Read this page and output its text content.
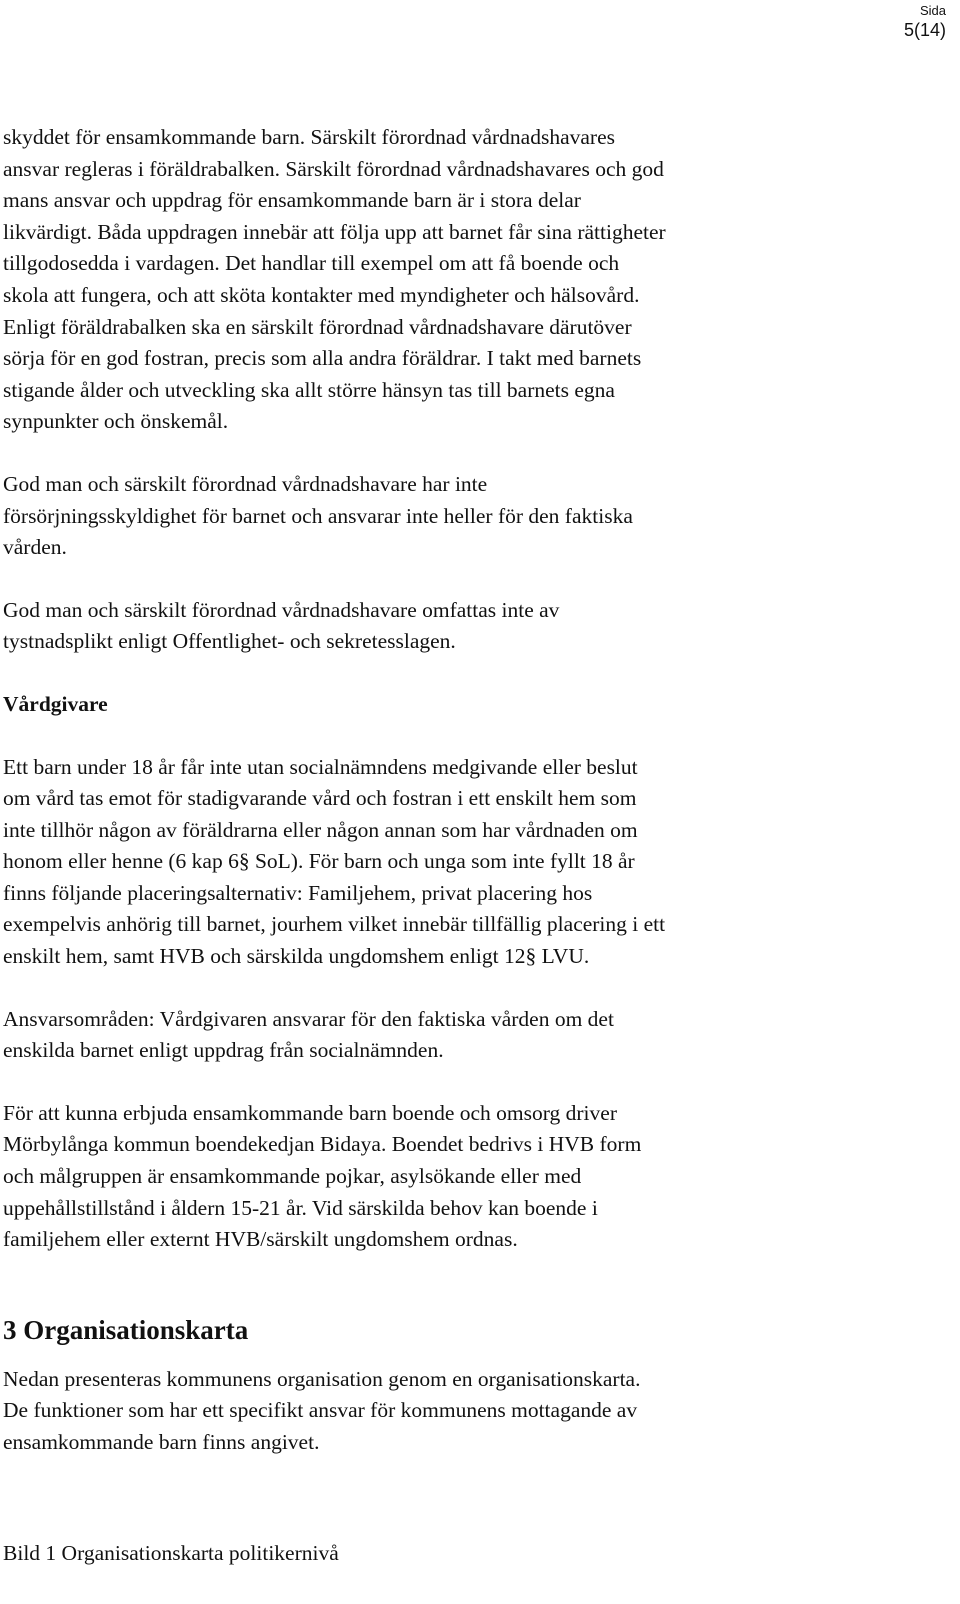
Sida
5(14)

skyddet för ensamkommande barn. Särskilt förordnad vårdnadshavares
ansvar regleras i föräldrabalken. Särskilt förordnad vårdnadshavares och god
mans ansvar och uppdrag för ensamkommande barn är i stora delar
likvärdigt. Båda uppdragen innebär att följa upp att barnet får sina rättigheter
tillgodosedda i vardagen. Det handlar till exempel om att få boende och
skola att fungera, och att sköta kontakter med myndigheter och hälsovård.
Enligt föräldrabalken ska en särskilt förordnad vårdnadshavare därutöver
sörja för en god fostran, precis som alla andra föräldrar. I takt med barnets
stigande ålder och utveckling ska allt större hänsyn tas till barnets egna
synpunkter och önskemål.

God man och särskilt förordnad vårdnadshavare har inte
försörjningsskyldighet för barnet och ansvarar inte heller för den faktiska
vården.

God man och särskilt förordnad vårdnadshavare omfattas inte av
tystnadsplikt enligt Offentlighet- och sekretesslagen.

Vårdgivare

Ett barn under 18 år får inte utan socialnämndens medgivande eller beslut
om vård tas emot för stadigvarande vård och fostran i ett enskilt hem som
inte tillhör någon av föräldrarna eller någon annan som har vårdnaden om
honom eller henne (6 kap 6§ SoL). För barn och unga som inte fyllt 18 år
finns följande placeringsalternativ: Familjehem, privat placering hos
exempelvis anhörig till barnet, jourhem vilket innebär tillfällig placering i ett
enskilt hem, samt HVB och särskilda ungdomshem enligt 12§ LVU.

Ansvarsområden: Vårdgivaren ansvarar för den faktiska vården om det
enskilda barnet enligt uppdrag från socialnämnden.

För att kunna erbjuda ensamkommande barn boende och omsorg driver
Mörbylånga kommun boendekedjan Bidaya. Boendet bedrivs i HVB form
och målgruppen är ensamkommande pojkar, asylsökande eller med
uppehållstillstånd i åldern 15-21 år. Vid särskilda behov kan boende i
familjehem eller externt HVB/särskilt ungdomshem ordnas.

3 Organisationskarta

Nedan presenteras kommunens organisation genom en organisationskarta.
De funktioner som har ett specifikt ansvar för kommunens mottagande av
ensamkommande barn finns angivet.

Bild 1 Organisationskarta politikernivå
